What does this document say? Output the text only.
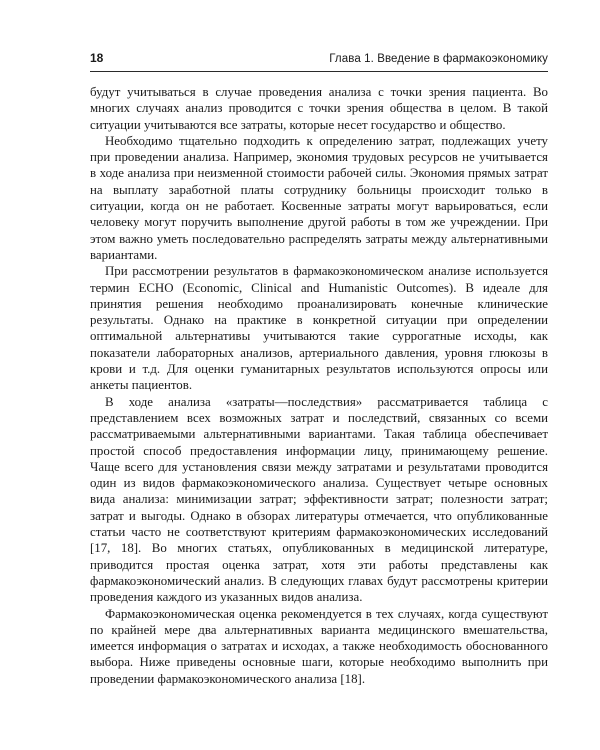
18	Глава 1. Введение в фармакоэкономику

будут учитываться в случае проведения анализа с точки зрения пациента. Во многих случаях анализ проводится с точки зрения общества в целом. В такой ситуации учитываются все затраты, которые несет государство и общество.

Необходимо тщательно подходить к определению затрат, подлежащих учету при проведении анализа. Например, экономия трудовых ресурсов не учитывается в ходе анализа при неизменной стоимости рабочей силы. Экономия прямых затрат на выплату заработной платы сотруднику больницы происходит только в ситуации, когда он не работает. Косвенные затраты могут варьироваться, если человеку могут поручить выполнение другой работы в том же учреждении. При этом важно уметь последовательно распределять затраты между альтернативными вариантами.

При рассмотрении результатов в фармакоэкономическом анализе используется термин ECHO (Economic, Clinical and Humanistic Outcomes). В идеале для принятия решения необходимо проанализировать конечные клинические результаты. Однако на практике в конкретной ситуации при определении оптимальной альтернативы учитываются такие суррогатные исходы, как показатели лабораторных анализов, артериального давления, уровня глюкозы в крови и т.д. Для оценки гуманитарных результатов используются опросы или анкеты пациентов.

В ходе анализа «затраты—последствия» рассматривается таблица с представлением всех возможных затрат и последствий, связанных со всеми рассматриваемыми альтернативными вариантами. Такая таблица обеспечивает простой способ предоставления информации лицу, принимающему решение. Чаще всего для установления связи между затратами и результатами проводится один из видов фармакоэкономического анализа. Существует четыре основных вида анализа: минимизации затрат; эффективности затрат; полезности затрат; затрат и выгоды. Однако в обзорах литературы отмечается, что опубликованные статьи часто не соответствуют критериям фармакоэкономических исследований [17, 18]. Во многих статьях, опубликованных в медицинской литературе, приводится простая оценка затрат, хотя эти работы представлены как фармакоэкономический анализ. В следующих главах будут рассмотрены критерии проведения каждого из указанных видов анализа.

Фармакоэкономическая оценка рекомендуется в тех случаях, когда существуют по крайней мере два альтернативных варианта медицинского вмешательства, имеется информация о затратах и исходах, а также необходимость обоснованного выбора. Ниже приведены основные шаги, которые необходимо выполнить при проведении фармакоэкономического анализа [18].
